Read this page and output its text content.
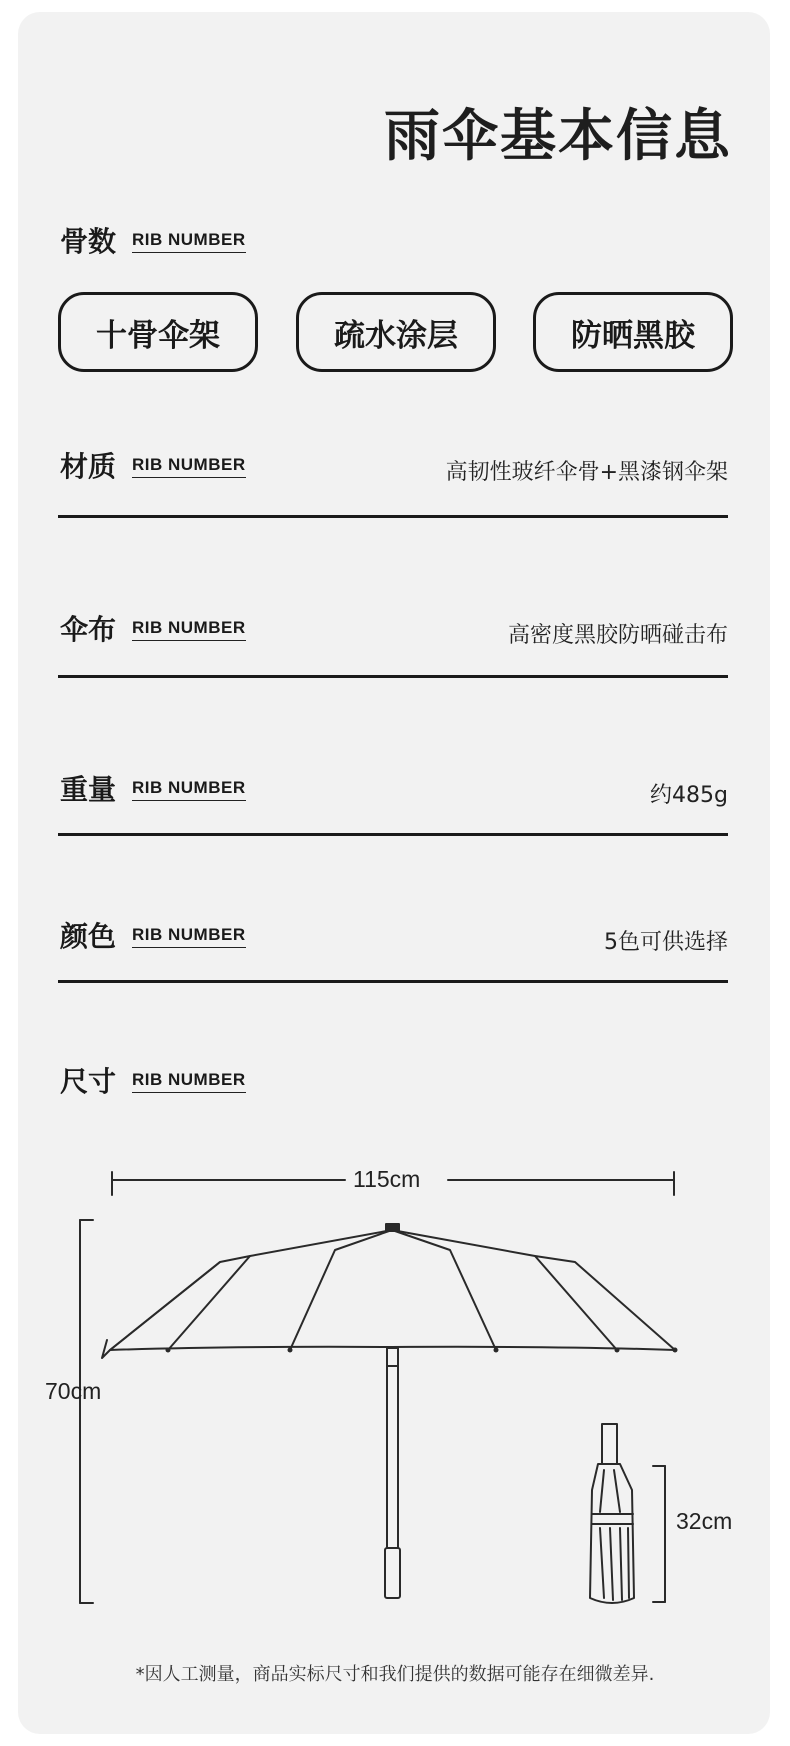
雨伞基本信息
骨数 RIB NUMBER
十骨伞架	疏水涂层	防晒黑胶
材质 RIB NUMBER	高韧性玻纤伞骨+黑漆钢伞架
伞布 RIB NUMBER	高密度黑胶防晒碰击布
重量 RIB NUMBER	约485g
颜色 RIB NUMBER	5色可供选择
尺寸 RIB NUMBER
115cm
70cm
32cm
*因人工测量，商品实标尺寸和我们提供的数据可能存在细微差异.
